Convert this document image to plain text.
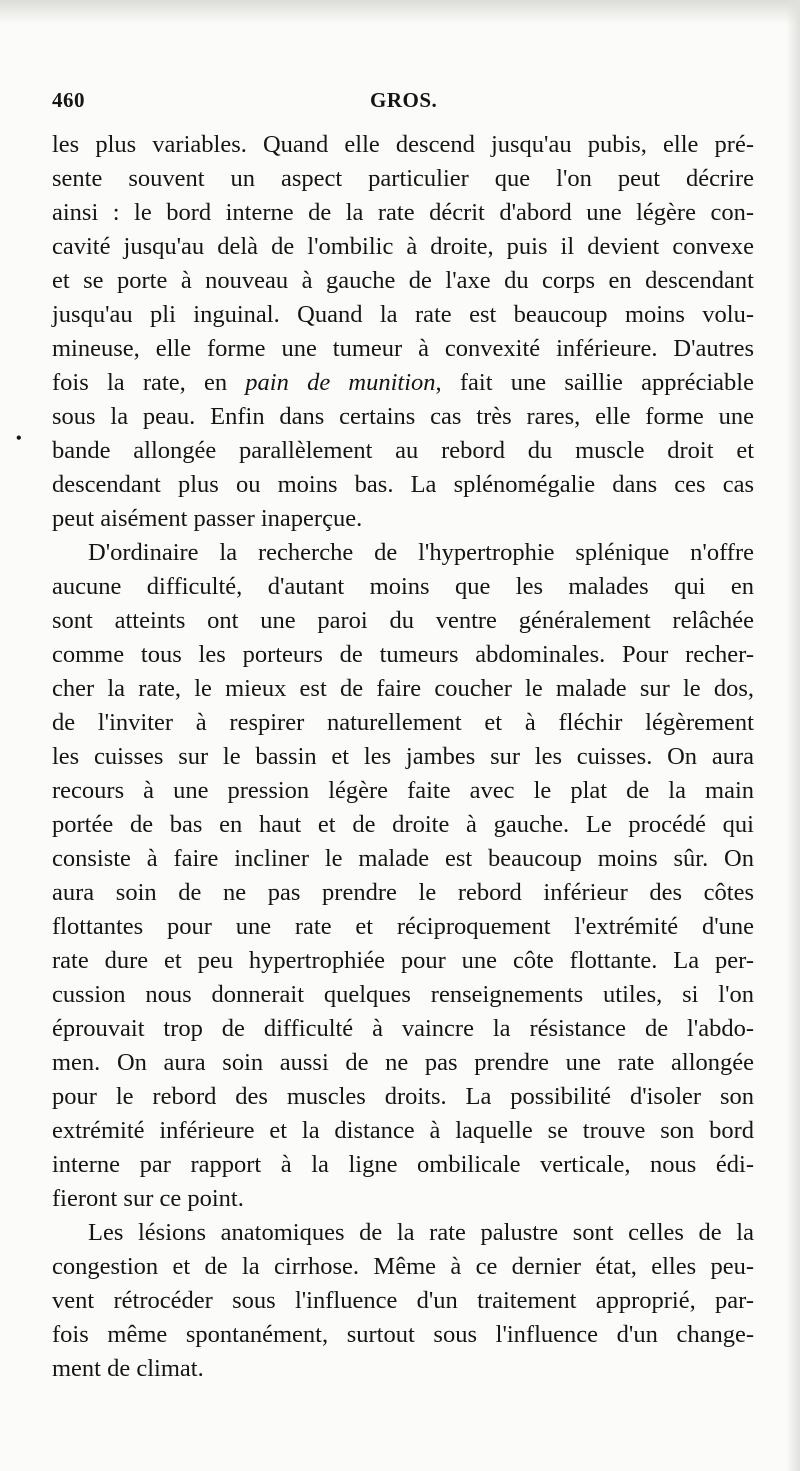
460	GROS.
•
les plus variables. Quand elle descend jusqu'au pubis, elle pré-
sente souvent un aspect particulier que l'on peut décrire
ainsi : le bord interne de la rate décrit d'abord une légère con-
cavité jusqu'au delà de l'ombilic à droite, puis il devient convexe
et se porte à nouveau à gauche de l'axe du corps en descendant
jusqu'au pli inguinal. Quand la rate est beaucoup moins volu-
mineuse, elle forme une tumeur à convexité inférieure. D'autres
fois la rate, en pain de munition, fait une saillie appréciable
sous la peau. Enfin dans certains cas très rares, elle forme une
bande allongée parallèlement au rebord du muscle droit et
descendant plus ou moins bas. La splénomégalie dans ces cas
peut aisément passer inaperçue.
D'ordinaire la recherche de l'hypertrophie splénique n'offre
aucune difficulté, d'autant moins que les malades qui en
sont atteints ont une paroi du ventre généralement relâchée
comme tous les porteurs de tumeurs abdominales. Pour recher-
cher la rate, le mieux est de faire coucher le malade sur le dos,
de l'inviter à respirer naturellement et à fléchir légèrement
les cuisses sur le bassin et les jambes sur les cuisses. On aura
recours à une pression légère faite avec le plat de la main
portée de bas en haut et de droite à gauche. Le procédé qui
consiste à faire incliner le malade est beaucoup moins sûr. On
aura soin de ne pas prendre le rebord inférieur des côtes
flottantes pour une rate et réciproquement l'extrémité d'une
rate dure et peu hypertrophiée pour une côte flottante. La per-
cussion nous donnerait quelques renseignements utiles, si l'on
éprouvait trop de difficulté à vaincre la résistance de l'abdo-
men. On aura soin aussi de ne pas prendre une rate allongée
pour le rebord des muscles droits. La possibilité d'isoler son
extrémité inférieure et la distance à laquelle se trouve son bord
interne par rapport à la ligne ombilicale verticale, nous édi-
fieront sur ce point.
Les lésions anatomiques de la rate palustre sont celles de la
congestion et de la cirrhose. Même à ce dernier état, elles peu-
vent rétrocéder sous l'influence d'un traitement approprié, par-
fois même spontanément, surtout sous l'influence d'un change-
ment de climat.
